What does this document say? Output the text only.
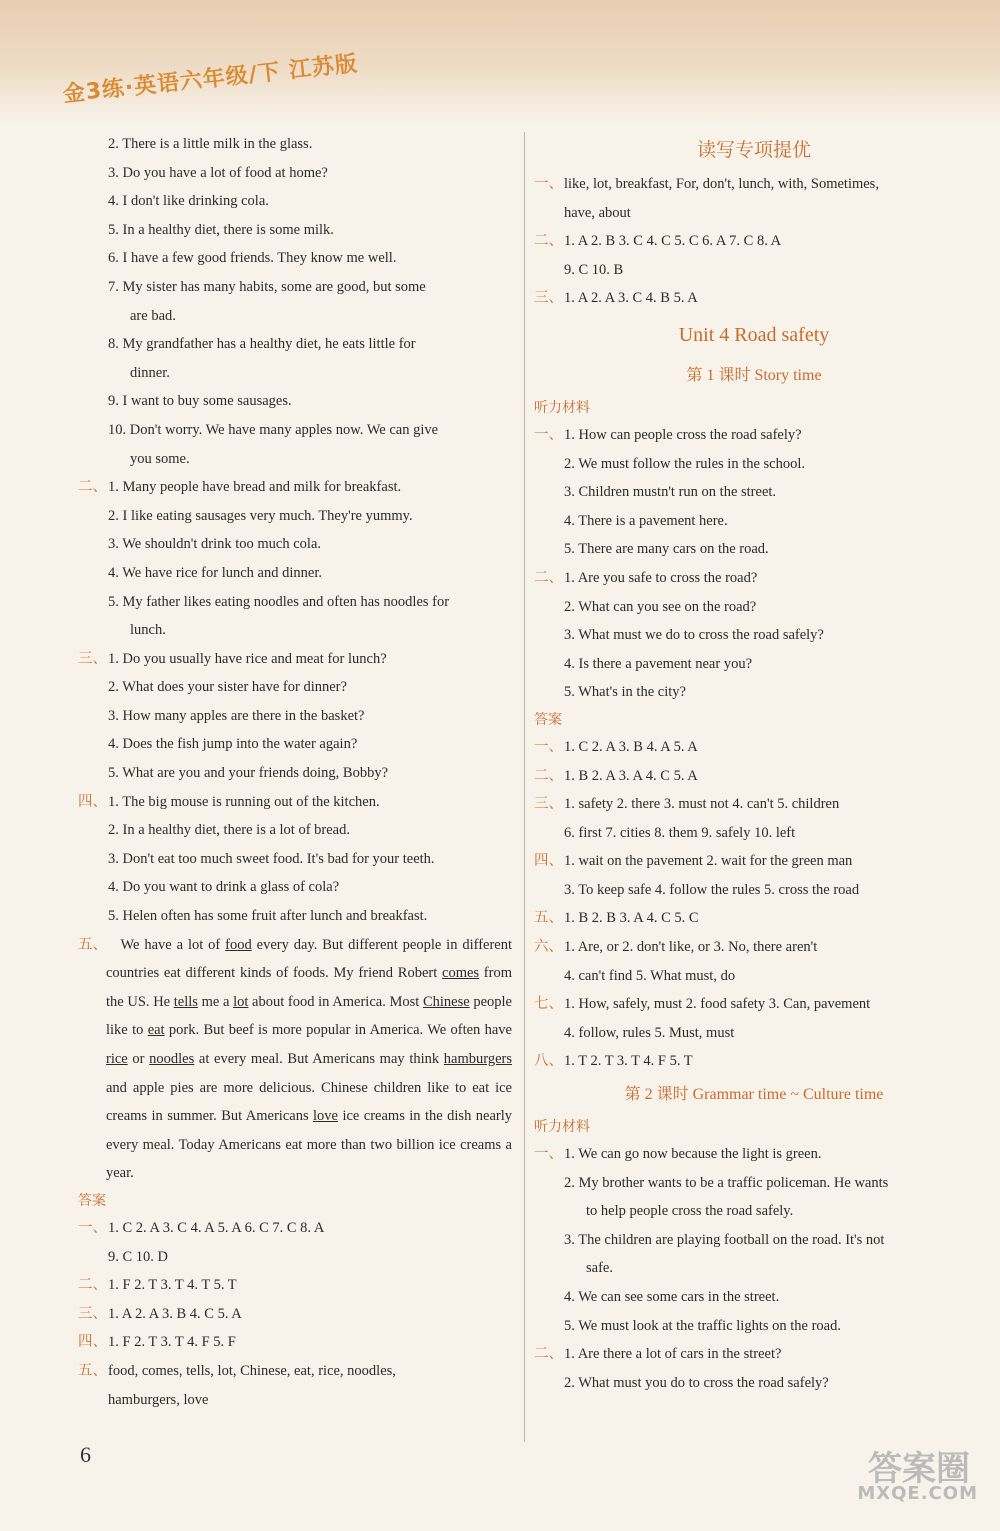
金3练·英语六年级/下 江苏版
2. There is a little milk in the glass.
3. Do you have a lot of food at home?
4. I don't like drinking cola.
5. In a healthy diet, there is some milk.
6. I have a few good friends. They know me well.
7. My sister has many habits, some are good, but some
are bad.
8. My grandfather has a healthy diet, he eats little for
dinner.
9. I want to buy some sausages.
10. Don't worry. We have many apples now. We can give
you some.
二、 1. Many people have bread and milk for breakfast.
2. I like eating sausages very much. They're yummy.
3. We shouldn't drink too much cola.
4. We have rice for lunch and dinner.
5. My father likes eating noodles and often has noodles for
lunch.
三、 1. Do you usually have rice and meat for lunch?
2. What does your sister have for dinner?
3. How many apples are there in the basket?
4. Does the fish jump into the water again?
5. What are you and your friends doing, Bobby?
四、 1. The big mouse is running out of the kitchen.
2. In a healthy diet, there is a lot of bread.
3. Don't eat too much sweet food. It's bad for your teeth.
4. Do you want to drink a glass of cola?
5. Helen often has some fruit after lunch and breakfast.
五、
  We have a lot of food every day. But different people in different countries eat different kinds of foods. My friend Robert comes from the US. He tells me a lot about food in America. Most Chinese people like to eat pork. But beef is more popular in America. We often have rice or noodles at every meal. But Americans may think hamburgers and apple pies are more delicious. Chinese children like to eat ice creams in summer. But Americans love ice creams in the dish nearly every meal. Today Americans eat more than two billion ice creams a year.
答案
一、 1. C 2. A 3. C 4. A 5. A 6. C 7. C 8. A
9. C 10. D
二、 1. F 2. T 3. T 4. T 5. T
三、 1. A 2. A 3. B 4. C 5. A
四、 1. F 2. T 3. T 4. F 5. F
五、 food, comes, tells, lot, Chinese, eat, rice, noodles,
hamburgers, love
读写专项提优
一、 like, lot, breakfast, For, don't, lunch, with, Sometimes,
have, about
二、 1. A 2. B 3. C 4. C 5. C 6. A 7. C 8. A
9. C 10. B
三、 1. A 2. A 3. C 4. B 5. A
Unit 4 Road safety
第 1 课时 Story time
听力材料
一、 1. How can people cross the road safely?
2. We must follow the rules in the school.
3. Children mustn't run on the street.
4. There is a pavement here.
5. There are many cars on the road.
二、 1. Are you safe to cross the road?
2. What can you see on the road?
3. What must we do to cross the road safely?
4. Is there a pavement near you?
5. What's in the city?
答案
一、 1. C 2. A 3. B 4. A 5. A
二、 1. B 2. A 3. A 4. C 5. A
三、 1. safety 2. there 3. must not 4. can't 5. children
6. first 7. cities 8. them 9. safely 10. left
四、 1. wait on the pavement 2. wait for the green man
3. To keep safe 4. follow the rules 5. cross the road
五、 1. B 2. B 3. A 4. C 5. C
六、 1. Are, or 2. don't like, or 3. No, there aren't
4. can't find 5. What must, do
七、 1. How, safely, must 2. food safety 3. Can, pavement
4. follow, rules 5. Must, must
八、 1. T 2. T 3. T 4. F 5. T
第 2 课时 Grammar time ~ Culture time
听力材料
一、 1. We can go now because the light is green.
2. My brother wants to be a traffic policeman. He wants
to help people cross the road safely.
3. The children are playing football on the road. It's not
safe.
4. We can see some cars in the street.
5. We must look at the traffic lights on the road.
二、 1. Are there a lot of cars in the street?
2. What must you do to cross the road safely?
6	答案圈
MXQE.COM
